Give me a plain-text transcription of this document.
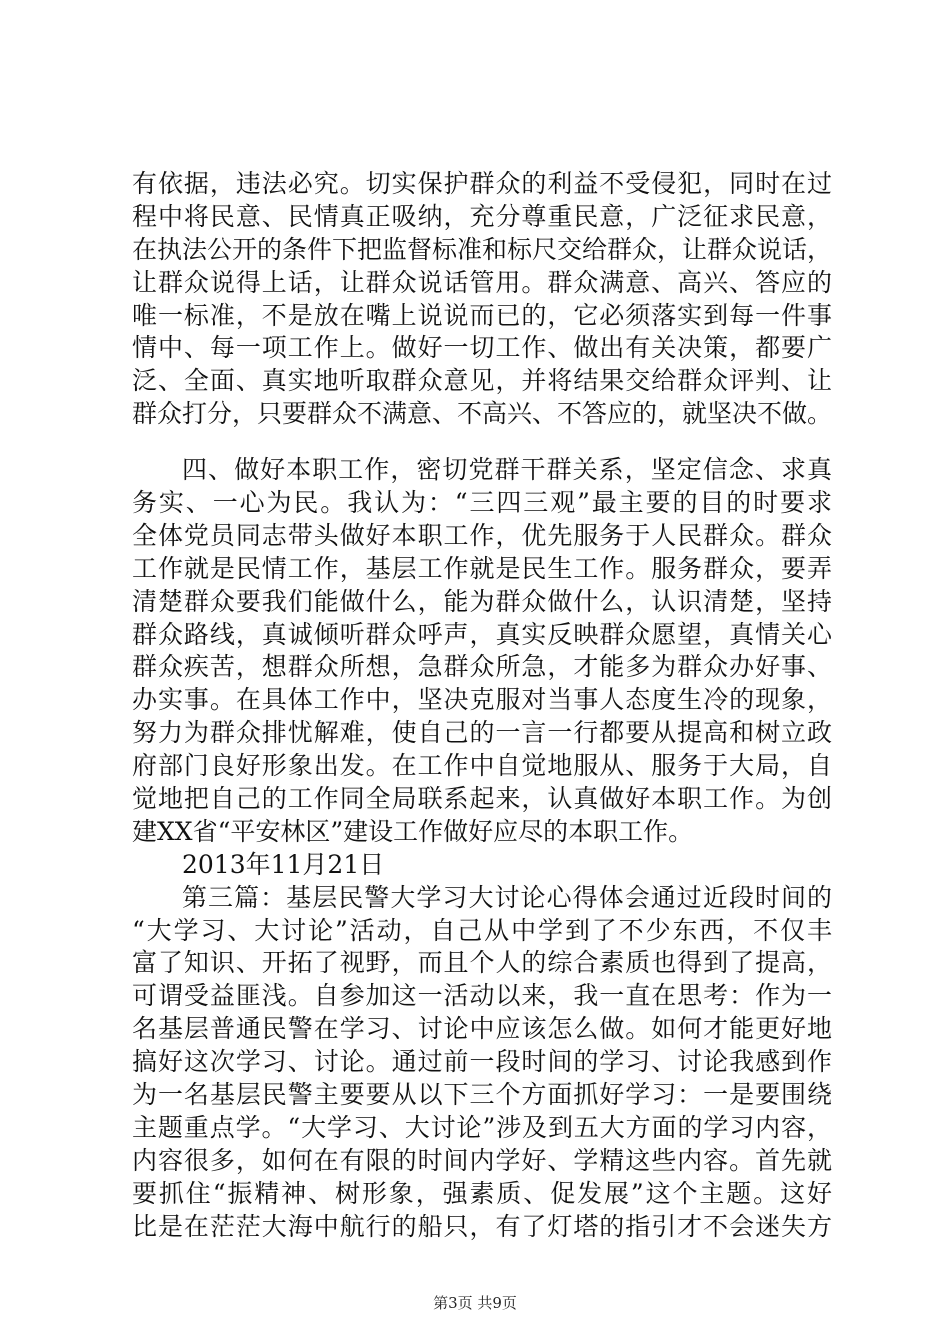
有依据，违法必究。切实保护群众的利益不受侵犯，同时在过
程中将民意、民情真正吸纳，充分尊重民意，广泛征求民意，
在执法公开的条件下把监督标准和标尺交给群众，让群众说话，
让群众说得上话，让群众说话管用。群众满意、高兴、答应的
唯一标准，不是放在嘴上说说而已的，它必须落实到每一件事
情中、每一项工作上。做好一切工作、做出有关决策，都要广
泛、全面、真实地听取群众意见，并将结果交给群众评判、让
群众打分，只要群众不满意、不高兴、不答应的，就坚决不做。
四、做好本职工作，密切党群干群关系，坚定信念、求真
务实、一心为民。我认为：“三四三观”最主要的目的时要求
全体党员同志带头做好本职工作，优先服务于人民群众。群众
工作就是民情工作，基层工作就是民生工作。服务群众，要弄
清楚群众要我们能做什么，能为群众做什么，认识清楚，坚持
群众路线，真诚倾听群众呼声，真实反映群众愿望，真情关心
群众疾苦，想群众所想，急群众所急，才能多为群众办好事、
办实事。在具体工作中，坚决克服对当事人态度生冷的现象，
努力为群众排忧解难，使自己的一言一行都要从提高和树立政
府部门良好形象出发。在工作中自觉地服从、服务于大局，自
觉地把自己的工作同全局联系起来，认真做好本职工作。为创
建XX省“平安林区”建设工作做好应尽的本职工作。
2013年11月21日
第三篇：基层民警大学习大讨论心得体会通过近段时间的
“大学习、大讨论”活动，自己从中学到了不少东西，不仅丰
富了知识、开拓了视野，而且个人的综合素质也得到了提高，
可谓受益匪浅。自参加这一活动以来，我一直在思考：作为一
名基层普通民警在学习、讨论中应该怎么做。如何才能更好地
搞好这次学习、讨论。通过前一段时间的学习、讨论我感到作
为一名基层民警主要要从以下三个方面抓好学习：一是要围绕
主题重点学。“大学习、大讨论”涉及到五大方面的学习内容，
内容很多，如何在有限的时间内学好、学精这些内容。首先就
要抓住“振精神、树形象，强素质、促发展”这个主题。这好
比是在茫茫大海中航行的船只，有了灯塔的指引才不会迷失方
第3页 共9页
